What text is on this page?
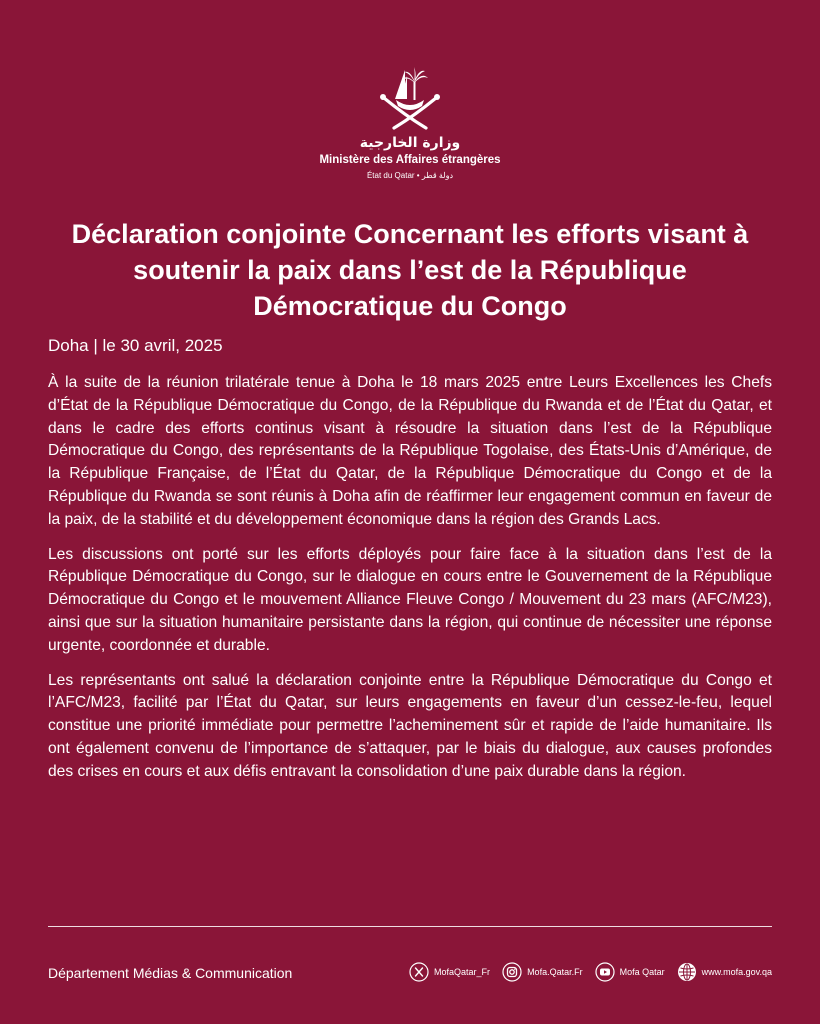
وزارة الخارجية
Ministère des Affaires étrangères
État du Qatar • دولة قطر
Déclaration conjointe Concernant les efforts visant à soutenir la paix dans l’est de la République Démocratique du Congo

Doha | le 30 avril, 2025

À la suite de la réunion trilatérale tenue à Doha le 18 mars 2025 entre Leurs Excellences les Chefs d’État de la République Démocratique du Congo, de la République du Rwanda et de l’État du Qatar, et dans le cadre des efforts continus visant à résoudre la situation dans l’est de la République Démocratique du Congo, des représentants de la République Togolaise, des États-Unis d’Amérique, de la République Française, de l’État du Qatar, de la République Démocratique du Congo et de la République du Rwanda se sont réunis à Doha afin de réaffirmer leur engagement commun en faveur de la paix, de la stabilité et du développement économique dans la région des Grands Lacs.

Les discussions ont porté sur les efforts déployés pour faire face à la situation dans l’est de la République Démocratique du Congo, sur le dialogue en cours entre le Gouvernement de la République Démocratique du Congo et le mouvement Alliance Fleuve Congo / Mouvement du 23 mars (AFC/M23), ainsi que sur la situation humanitaire persistante dans la région, qui continue de nécessiter une réponse urgente, coordonnée et durable.

Les représentants ont salué la déclaration conjointe entre la République Démocratique du Congo et l’AFC/M23, facilité par l’État du Qatar, sur leurs engagements en faveur d’un cessez-le-feu, lequel constitue une priorité immédiate pour permettre l’acheminement sûr et rapide de l’aide humanitaire. Ils ont également convenu de l’importance de s’attaquer, par le biais du dialogue, aux causes profondes des crises en cours et aux défis entravant la consolidation d’une paix durable dans la région.

Département Médias & Communication	MofaQatar_Fr	Mofa.Qatar.Fr	Mofa Qatar	www.mofa.gov.qa
